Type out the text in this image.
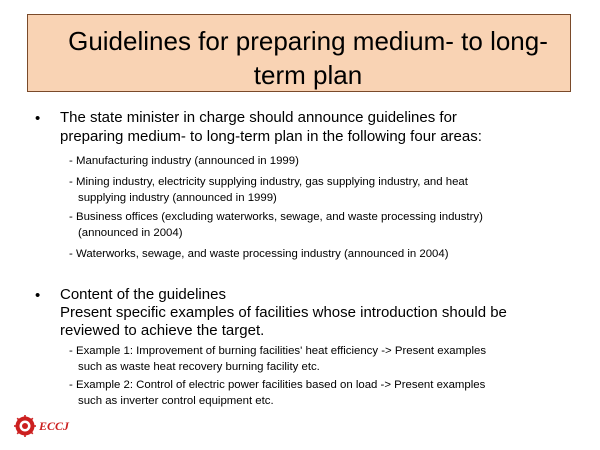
Guidelines for preparing medium- to long-term plan
• The state minister in charge should announce guidelines for
preparing medium- to long-term plan in the following four areas:
- Manufacturing industry (announced in 1999)
- Mining industry, electricity supplying industry, gas supplying industry, and heat
supplying industry (announced in 1999)
- Business offices (excluding waterworks, sewage, and waste processing industry)
(announced in 2004)
- Waterworks, sewage, and waste processing industry (announced in 2004)
• Content of the guidelines
Present specific examples of facilities whose introduction should be
reviewed to achieve the target.
- Example 1: Improvement of burning facilities' heat efficiency -> Present examples
such as waste heat recovery burning facility etc.
- Example 2: Control of electric power facilities based on load -> Present examples
such as inverter control equipment etc.
ECCJ
